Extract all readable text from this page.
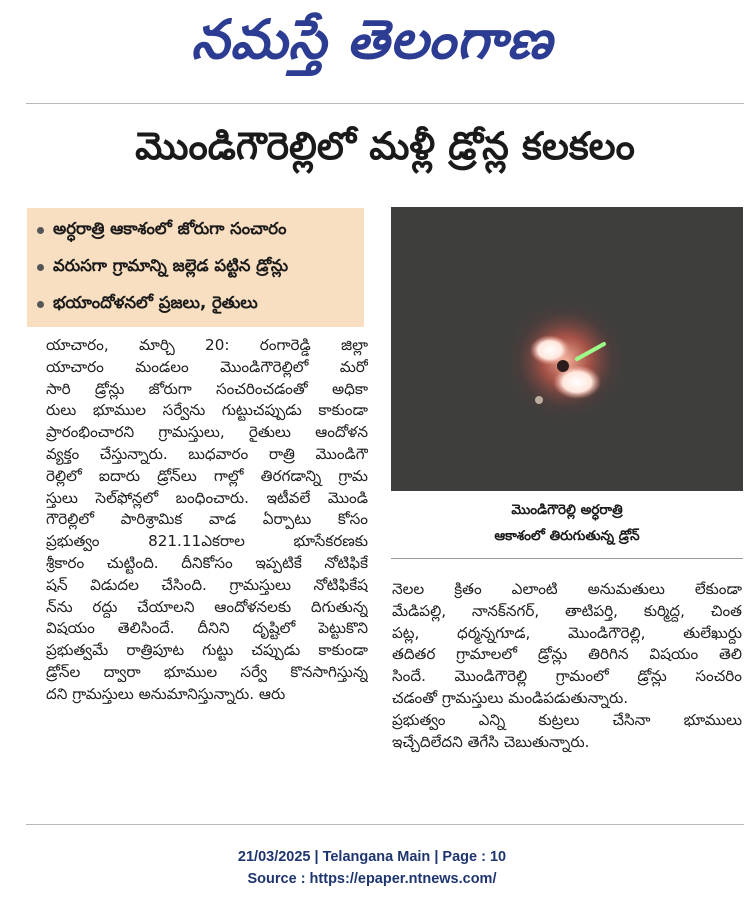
నమస్తే తెలంగాణ
మొండిగౌరెల్లిలో మళ్లీ డ్రోన్ల కలకలం
అర్ధరాత్రి ఆకాశంలో జోరుగా సంచారం
వరుసగా గ్రామాన్ని జల్లెడ పట్టిన డ్రోన్లు
భయాందోళనలో ప్రజలు, రైతులు
యాచారం, మార్చి 20: రంగారెడ్డి జిల్లా
యాచారం మండలం మొండిగౌరెల్లిలో మరో
సారి డ్రోన్లు జోరుగా సంచరించడంతో అధికా
రులు భూముల సర్వేను గుట్టుచప్పుడు కాకుండా
ప్రారంభించారని గ్రామస్తులు, రైతులు ఆందోళన
వ్యక్తం చేస్తున్నారు. బుధవారం రాత్రి మొండిగౌ
రెల్లిలో ఐదారు డ్రోన్‌లు గాల్లో తిరగడాన్ని గ్రామ
స్తులు సెల్‌ఫోన్లలో బంధించారు. ఇటీవలే మొండి
గౌరెల్లిలో పారిశ్రామిక వాడ ఏర్పాటు కోసం
ప్రభుత్వం 821.11ఎకరాల భూసేకరణకు
శ్రీకారం చుట్టింది. దీనికోసం ఇప్పటికే నోటిఫికే
షన్ విడుదల చేసింది. గ్రామస్తులు నోటిఫికేష
న్‌ను రద్దు చేయాలని ఆందోళనలకు దిగుతున్న
విషయం తెలిసిందే. దీనిని దృష్టిలో పెట్టుకొని
ప్రభుత్వమే రాత్రిపూట గుట్టు చప్పుడు కాకుండా
డ్రోన్‌ల ద్వారా భూముల సర్వే కొనసాగిస్తున్న
దని గ్రామస్తులు అనుమానిస్తున్నారు. ఆరు
మొండిగౌరెల్లి అర్ధరాత్రి
ఆకాశంలో తిరుగుతున్న డ్రోన్
నెలల క్రితం ఎలాంటి అనుమతులు లేకుండా
మేడిపల్లి, నానక్‌నగర్, తాటిపర్తి, కుర్మిద్ద, చింత
పట్ల, ధర్మన్నగూడ, మొండిగౌరెల్లి, తులేఖుర్దు
తదితర గ్రామాలలో డ్రోన్లు తిరిగిన విషయం తెలి
సిందే. మొండిగౌరెల్లి గ్రామంలో డ్రోన్లు సంచరిం
చడంతో గ్రామస్తులు మండిపడుతున్నారు.
ప్రభుత్వం ఎన్ని కుట్రలు చేసినా భూములు
ఇచ్చేదిలేదని తెగేసి చెబుతున్నారు.
21/03/2025 | Telangana Main | Page : 10
Source : https://epaper.ntnews.com/
